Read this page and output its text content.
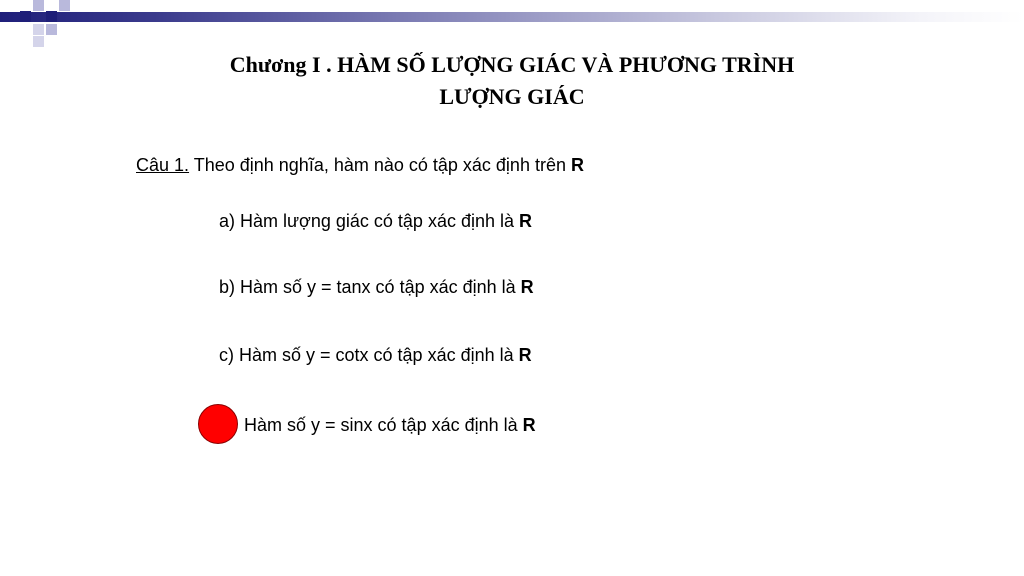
Chương I . HÀM SỐ LƯỢNG GIÁC VÀ PHƯƠNG TRÌNH
LƯỢNG GIÁC
Câu 1. Theo định nghĩa, hàm nào có tập xác định trên R
a) Hàm lượng giác có tập xác định là R
b) Hàm số y = tanx có tập xác định là R
c) Hàm số y = cotx có tập xác định là R
Hàm số y = sinx có tập xác định là R
